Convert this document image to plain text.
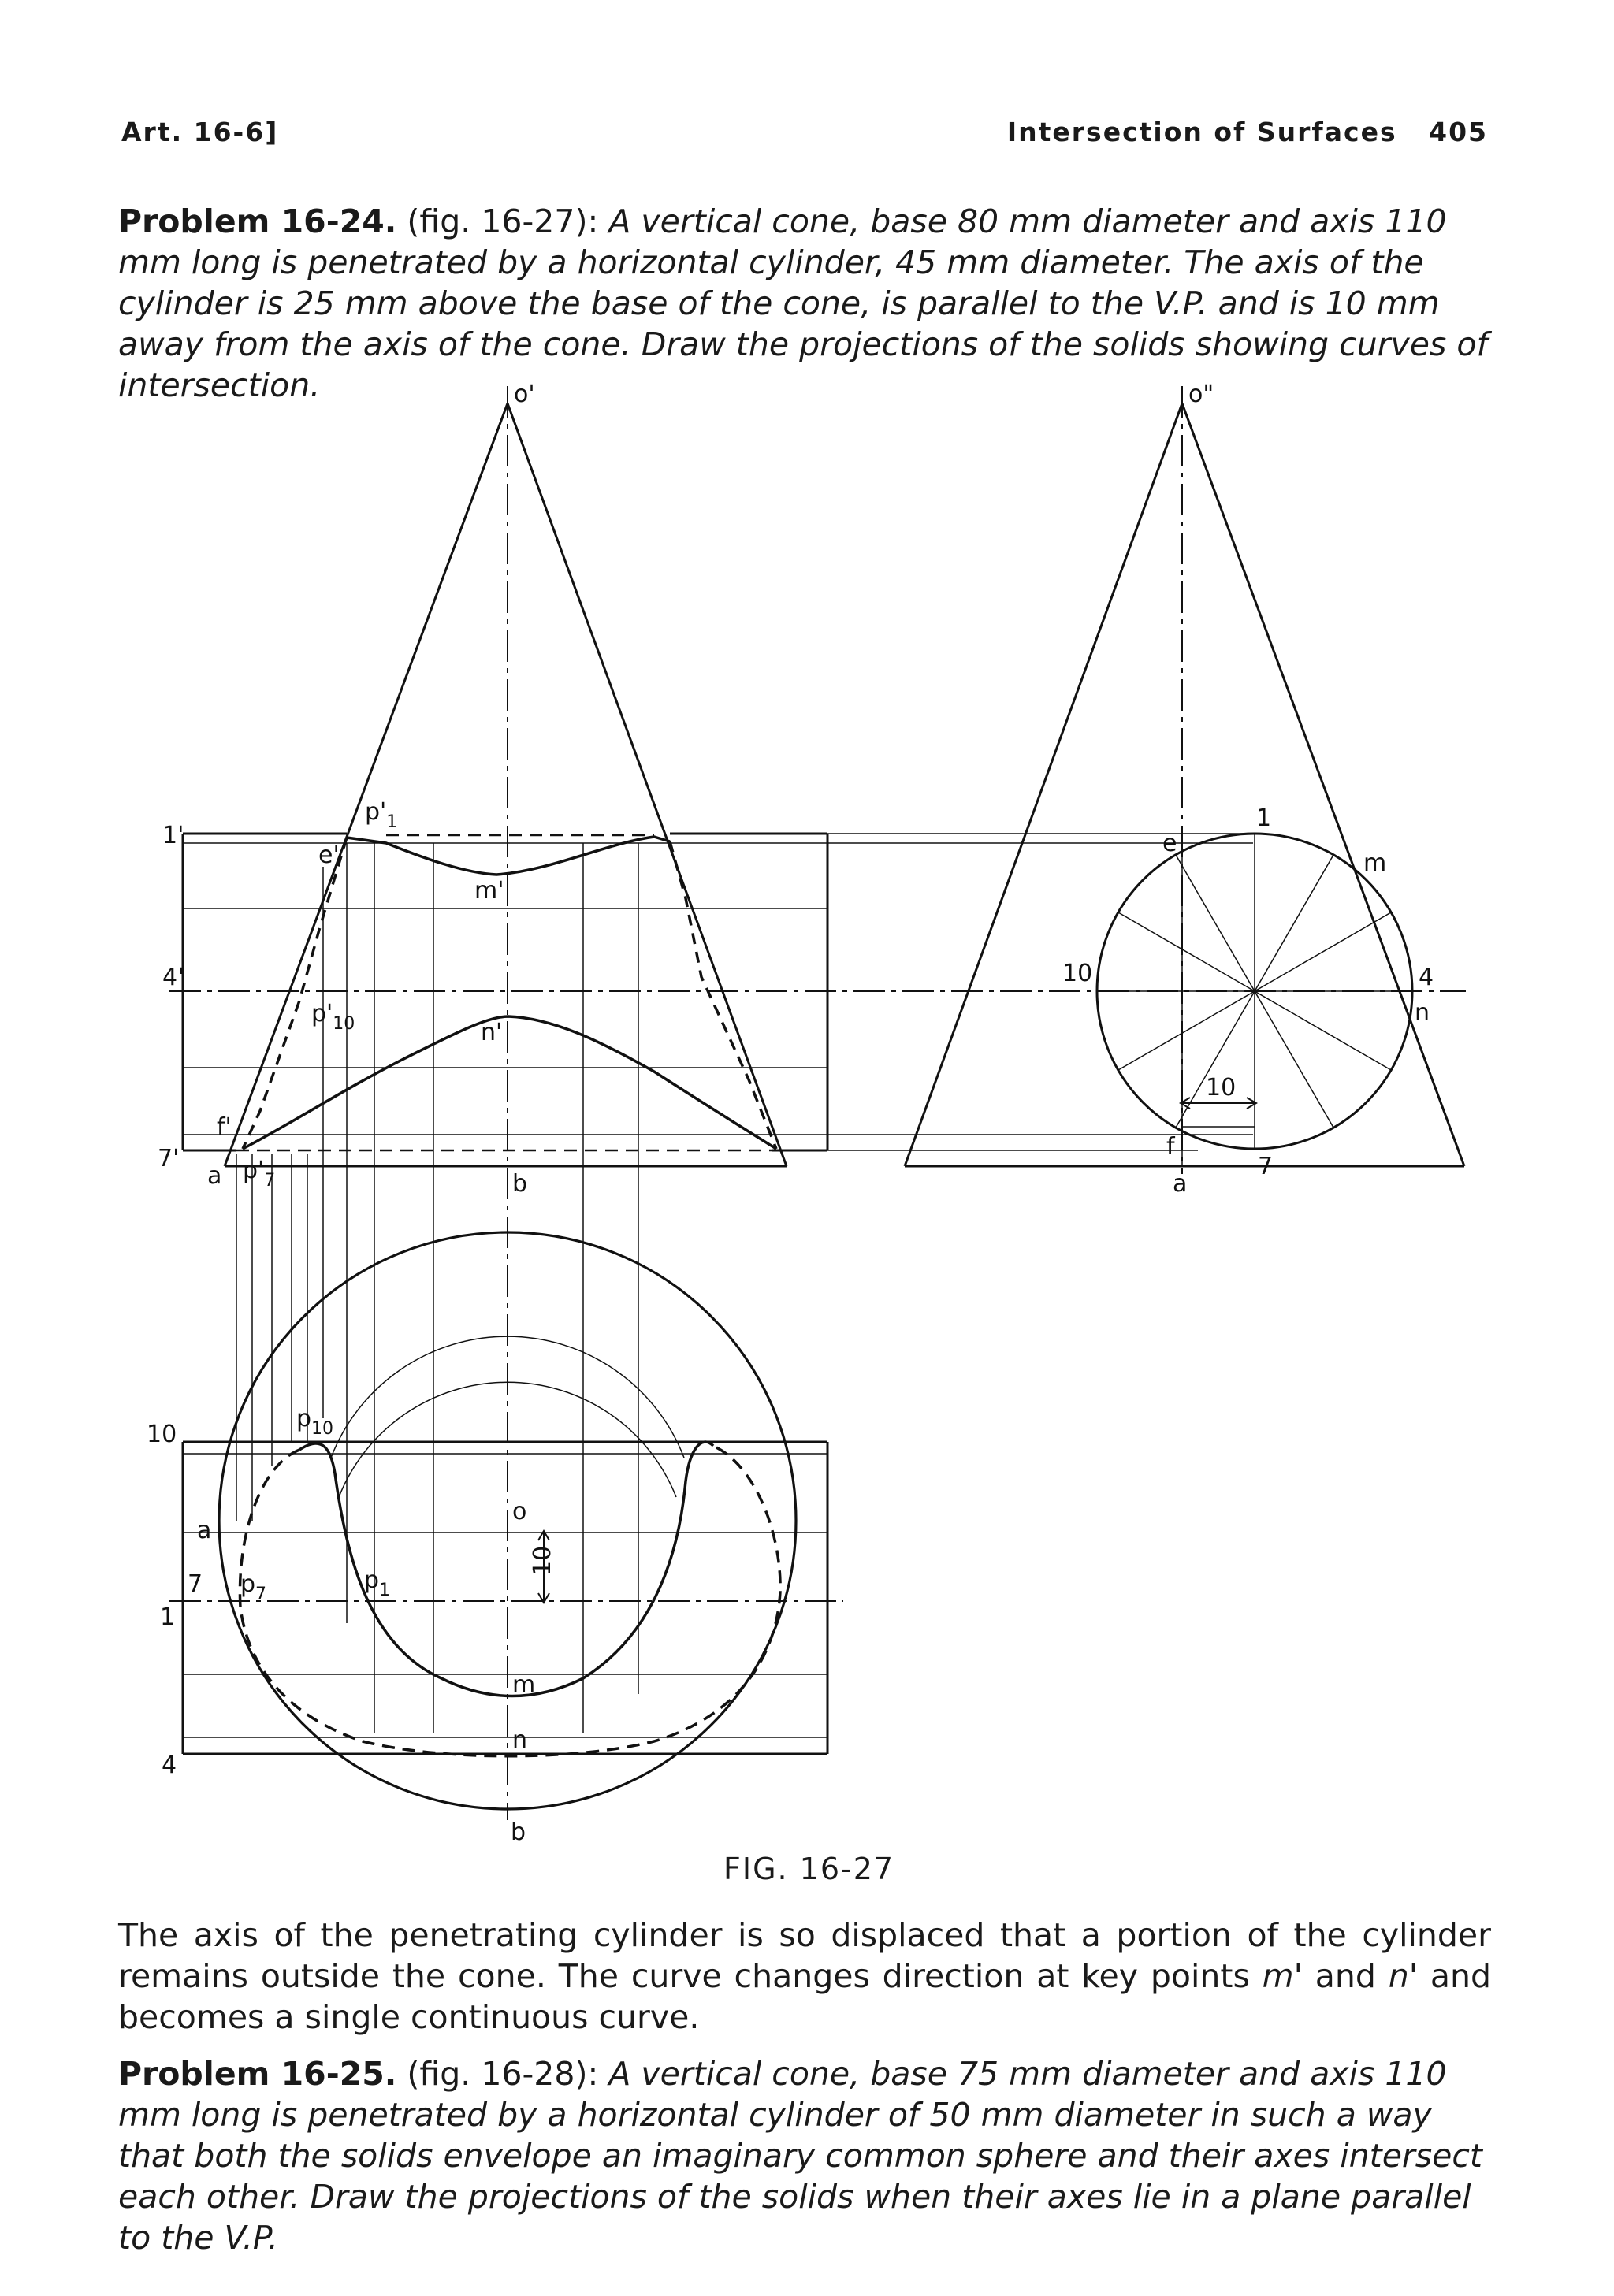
Art. 16-6]	Intersection of Surfaces 405

Problem 16-24. (fig. 16-27): A vertical cone, base 80 mm diameter and axis 110 mm long is penetrated by a horizontal cylinder, 45 mm diameter. The axis of the cylinder is 25 mm above the base of the cone, is parallel to the V.P. and is 10 mm away from the axis of the cone. Draw the projections of the solids showing curves of intersection.	o'	o"
$p'_1$
1'
e'
m'
4'
$p'_{10}$	n'
f'
7'
a $p'_7$	b
e
1
m
10	4
n
10
f
a
7
10
$p_{10}$
a
o
7 $p_7$
$p_1$
10
1
m
n
4
b
FIG. 16-27

The axis of the penetrating cylinder is so displaced that a portion of the cylinder remains outside the cone. The curve changes direction at key points m' and n' and becomes a single continuous curve.

Problem 16-25. (fig. 16-28): A vertical cone, base 75 mm diameter and axis 110 mm long is penetrated by a horizontal cylinder of 50 mm diameter in such a way that both the solids envelope an imaginary common sphere and their axes intersect each other. Draw the projections of the solids when their axes lie in a plane parallel to the V.P.
